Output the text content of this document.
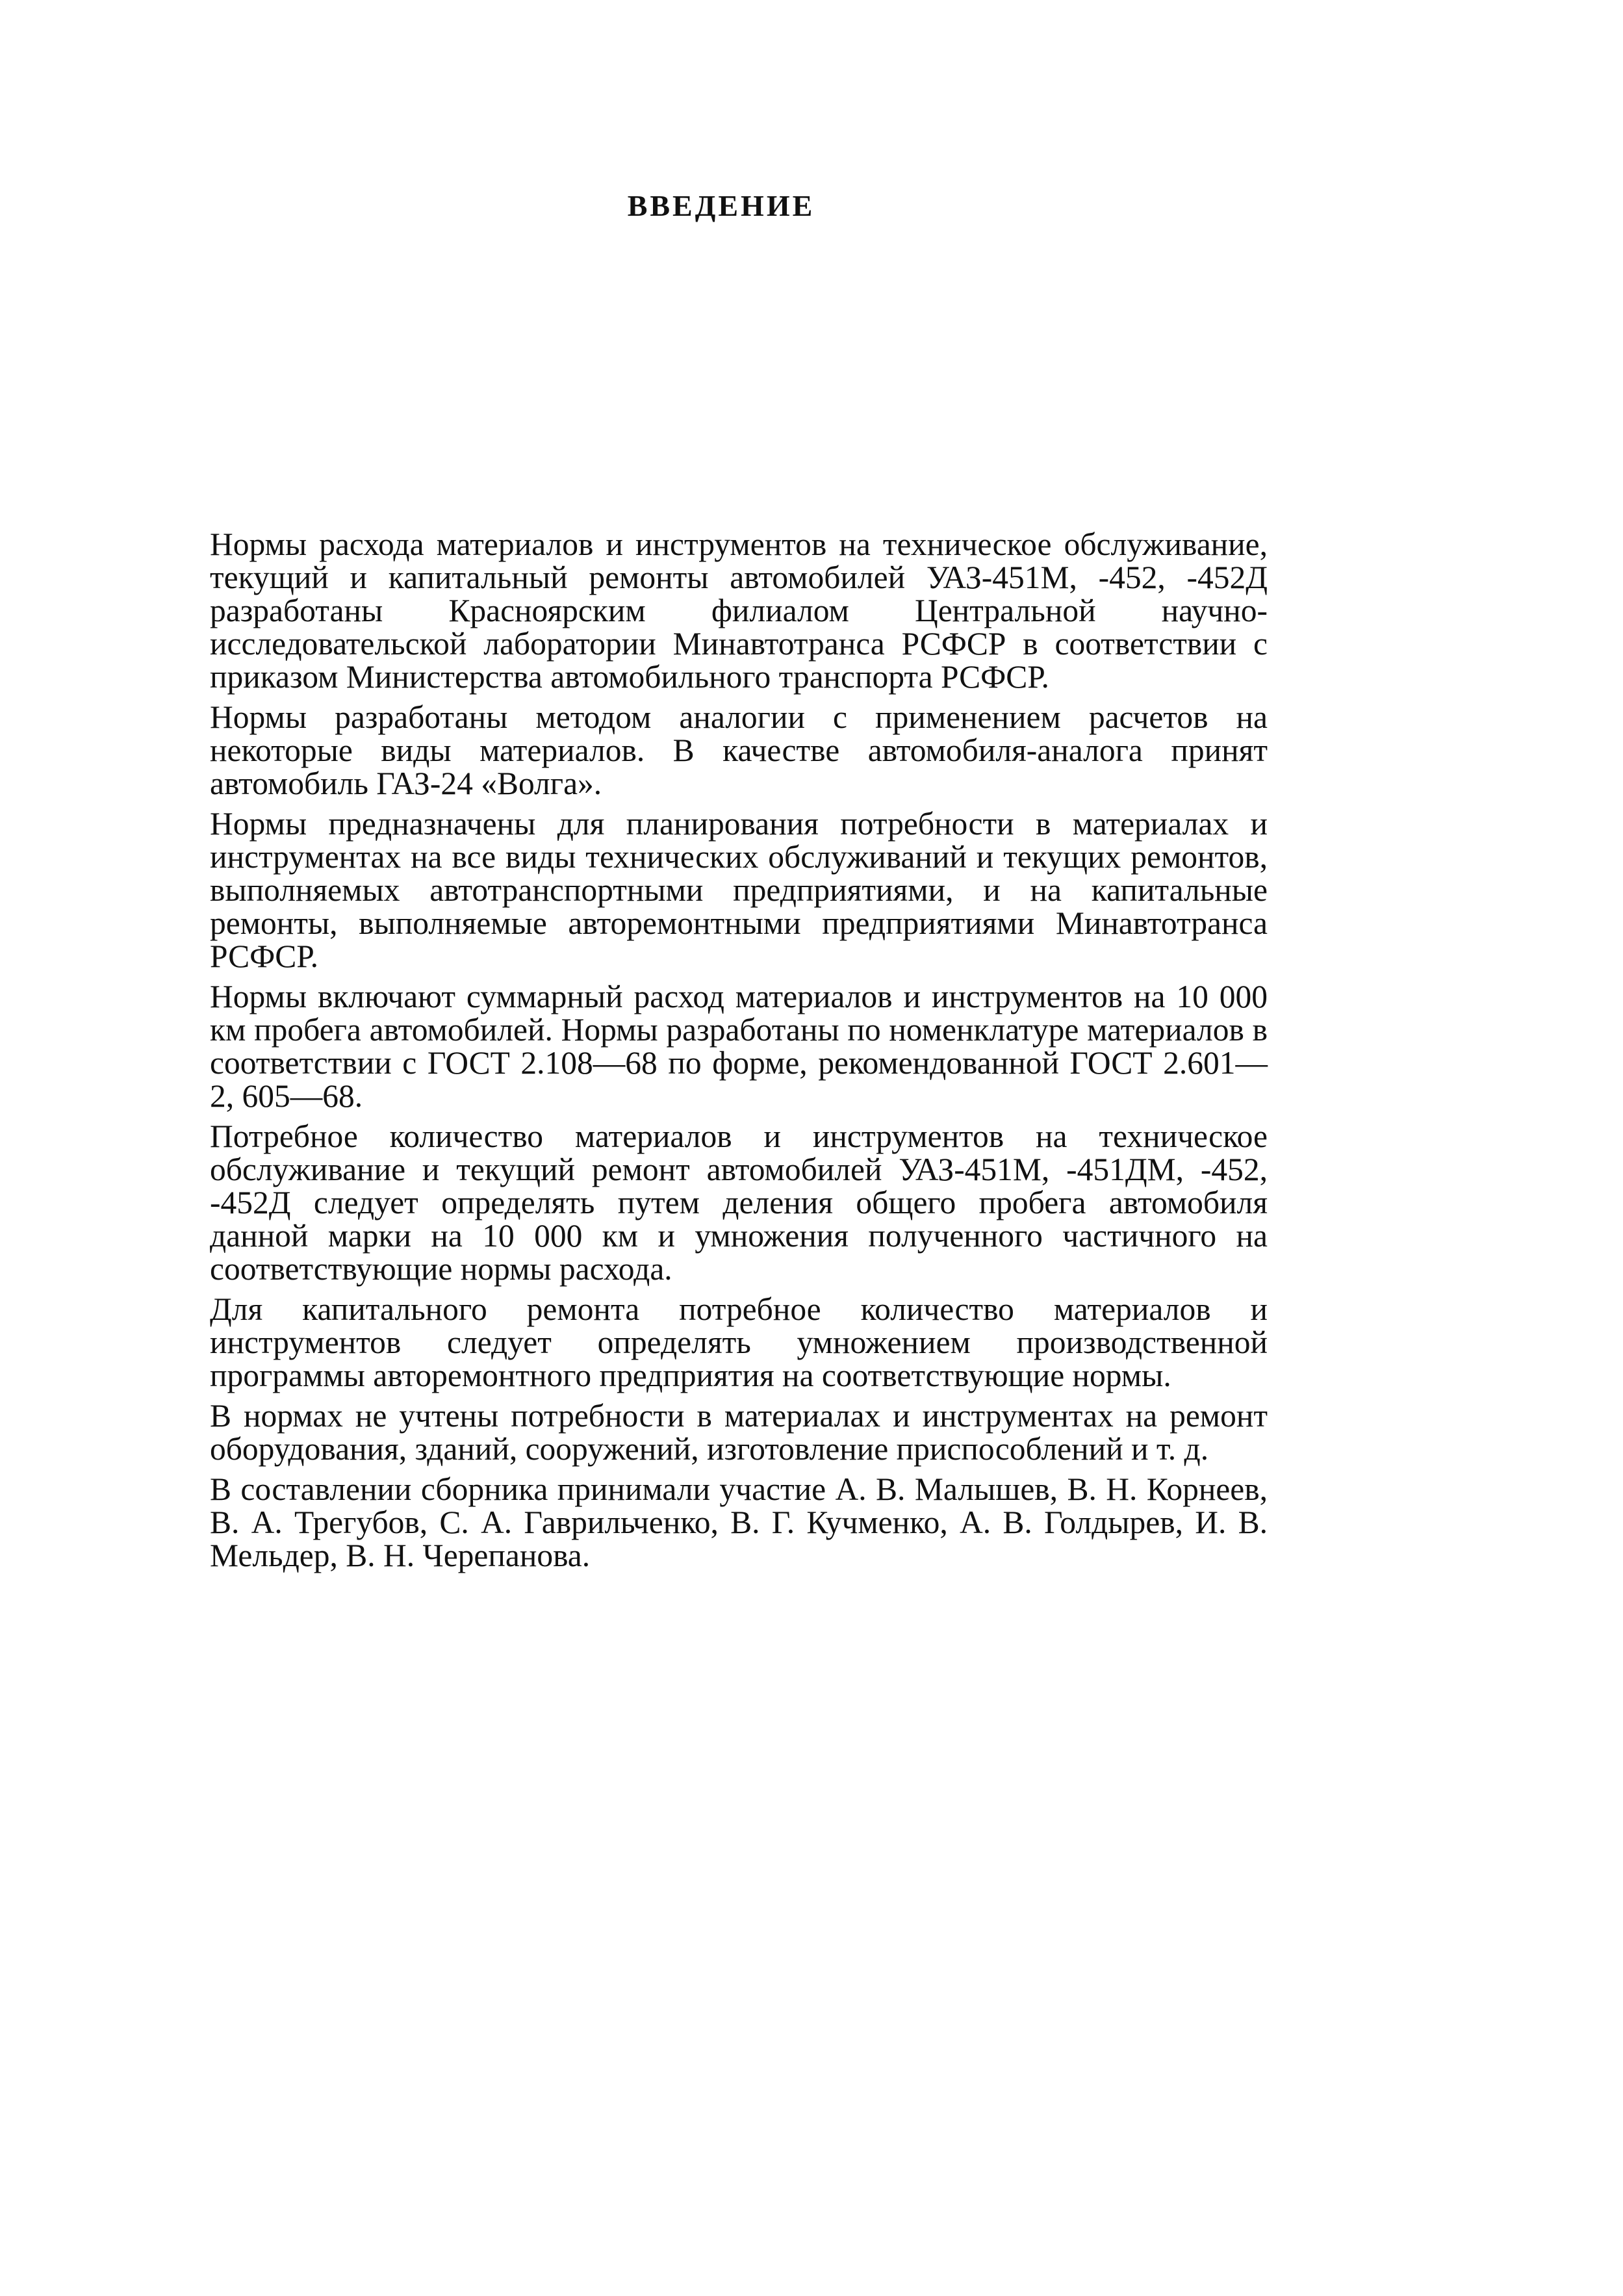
ВВЕДЕНИЕ

Нормы расхода материалов и инструментов на техническое обслуживание, текущий и капитальный ремонты автомобилей УАЗ-451М, -452, -452Д разработаны Красноярским филиалом Центральной научно-исследовательской лаборатории Минавтотранса РСФСР в соответствии с приказом Министерства автомобильного транспорта РСФСР.

Нормы разработаны методом аналогии с применением расчетов на некоторые виды материалов. В качестве автомобиля-аналога принят автомобиль ГАЗ-24 «Волга».

Нормы предназначены для планирования потребности в материалах и инструментах на все виды технических обслуживаний и текущих ремонтов, выполняемых автотранспортными предприятиями, и на капитальные ремонты, выполняемые авторемонтными предприятиями Минавтотранса РСФСР.

Нормы включают суммарный расход материалов и инструментов на 10 000 км пробега автомобилей. Нормы разработаны по номенклатуре материалов в соответствии с ГОСТ 2.108—68 по форме, рекомендованной ГОСТ 2.601—2, 605—68.

Потребное количество материалов и инструментов на техническое обслуживание и текущий ремонт автомобилей УАЗ-451М, -451ДМ, -452, -452Д следует определять путем деления общего пробега автомобиля данной марки на 10 000 км и умножения полученного частичного на соответствующие нормы расхода.

Для капитального ремонта потребное количество материалов и инструментов следует определять умножением производственной программы авторемонтного предприятия на соответствующие нормы.

В нормах не учтены потребности в материалах и инструментах на ремонт оборудования, зданий, сооружений, изготовление приспособлений и т. д.

В составлении сборника принимали участие А. В. Малышев, В. Н. Корнеев, В. А. Трегубов, С. А. Гаврильченко, В. Г. Кучменко, А. В. Голдырев, И. В. Мельдер, В. Н. Черепанова.
